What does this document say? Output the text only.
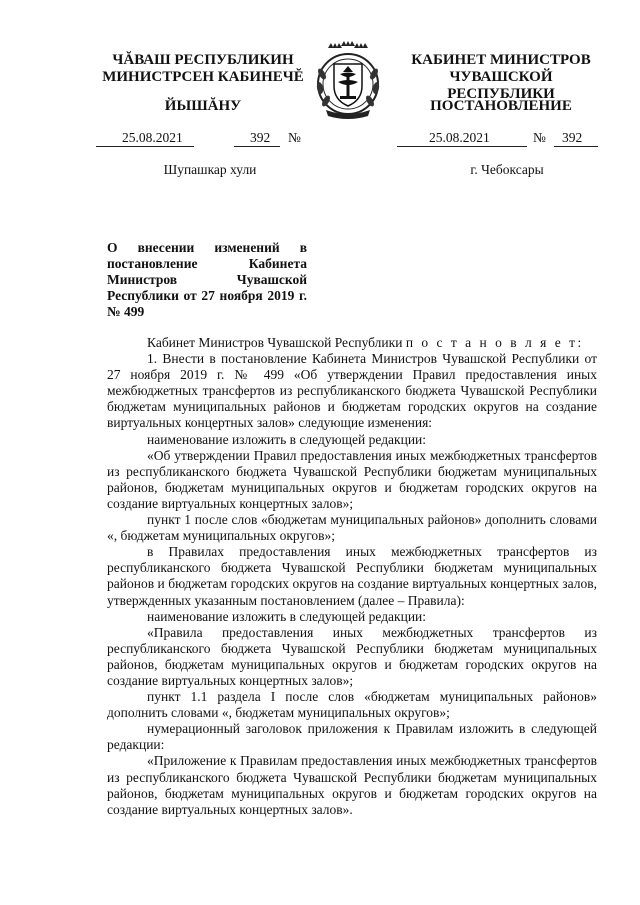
ЧĂВАШ РЕСПУБЛИКИН
МИНИСТРСЕН КАБИНЕЧĔ
ЙЫШĂНУ
КАБИНЕТ МИНИСТРОВ
ЧУВАШСКОЙ РЕСПУБЛИКИ
ПОСТАНОВЛЕНИЕ
25.08.2021	392 №	25.08.2021	№ 392
Шупашкар хули	г. Чебоксары
О внесении изменений в постановление Кабинета Министров Чувашской Республики от 27 ноября 2019 г. № 499

Кабинет Министров Чувашской Республики п о с т а н о в л я е т:

1. Внести в постановление Кабинета Министров Чувашской Республики от 27 ноября 2019 г. № 499 «Об утверждении Правил предоставления иных межбюджетных трансфертов из республиканского бюджета Чувашской Республики бюджетам муниципальных районов и бюджетам городских округов на создание виртуальных концертных залов» следующие изменения:

наименование изложить в следующей редакции:

«Об утверждении Правил предоставления иных межбюджетных трансфертов из республиканского бюджета Чувашской Республики бюджетам муниципальных районов, бюджетам муниципальных округов и бюджетам городских округов на создание виртуальных концертных залов»;

пункт 1 после слов «бюджетам муниципальных районов» дополнить словами «, бюджетам муниципальных округов»;

в Правилах предоставления иных межбюджетных трансфертов из республиканского бюджета Чувашской Республики бюджетам муниципальных районов и бюджетам городских округов на создание виртуальных концертных залов, утвержденных указанным постановлением (далее – Правила):

наименование изложить в следующей редакции:

«Правила предоставления иных межбюджетных трансфертов из республиканского бюджета Чувашской Республики бюджетам муниципальных районов, бюджетам муниципальных округов и бюджетам городских округов на создание виртуальных концертных залов»;

пункт 1.1 раздела I после слов «бюджетам муниципальных районов» дополнить словами «, бюджетам муниципальных округов»;

нумерационный заголовок приложения к Правилам изложить в следующей редакции:

«Приложение к Правилам предоставления иных межбюджетных трансфертов из республиканского бюджета Чувашской Республики бюджетам муниципальных районов, бюджетам муниципальных округов и бюджетам городских округов на создание виртуальных концертных залов».
